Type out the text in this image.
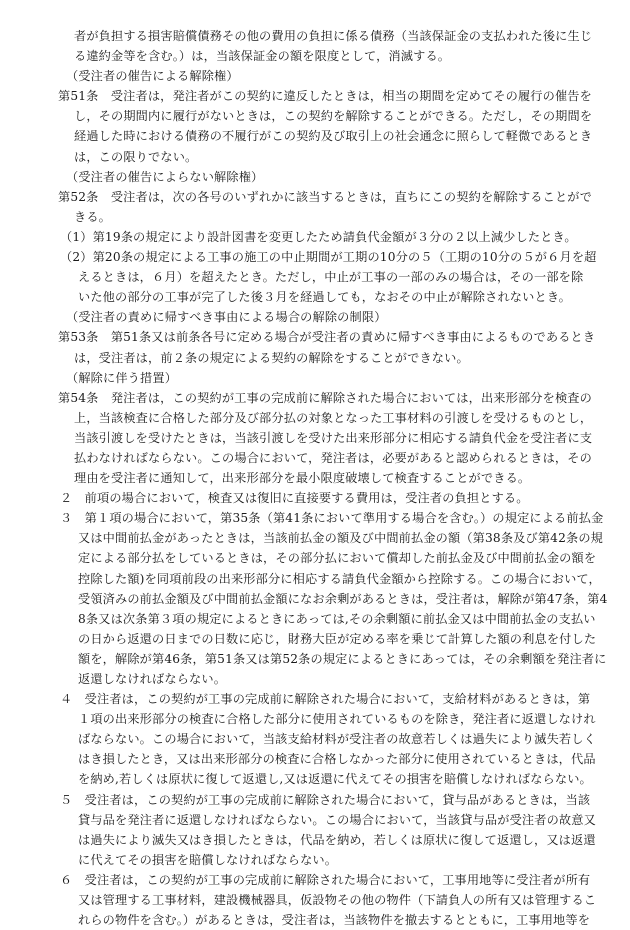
者が負担する損害賠償債務その他の費用の負担に係る債務（当該保証金の支払われた後に生じ
る違約金等を含む。）は，当該保証金の額を限度として，消滅する。
（受注者の催告による解除権）
第51条　受注者は，発注者がこの契約に違反したときは，相当の期間を定めてその履行の催告を
し，その期間内に履行がないときは，この契約を解除することができる。ただし，その期間を
経過した時における債務の不履行がこの契約及び取引上の社会通念に照らして軽微であるとき
は，この限りでない。
（受注者の催告によらない解除権）
第52条　受注者は，次の各号のいずれかに該当するときは，直ちにこの契約を解除することがで
きる。
（1）第19条の規定により設計図書を変更したため請負代金額が３分の２以上減少したとき。
（2）第20条の規定による工事の施工の中止期間が工期の10分の５（工期の10分の５が６月を超
えるときは，６月）を超えたとき。ただし，中止が工事の一部のみの場合は，その一部を除
いた他の部分の工事が完了した後３月を経過しても，なおその中止が解除されないとき。
（受注者の責めに帰すべき事由による場合の解除の制限）
第53条　第51条又は前条各号に定める場合が受注者の責めに帰すべき事由によるものであるとき
は，受注者は，前２条の規定による契約の解除をすることができない。
（解除に伴う措置）
第54条　発注者は，この契約が工事の完成前に解除された場合においては，出来形部分を検査の
上，当該検査に合格した部分及び部分払の対象となった工事材料の引渡しを受けるものとし，
当該引渡しを受けたときは，当該引渡しを受けた出来形部分に相応する請負代金を受注者に支
払わなければならない。この場合において，発注者は，必要があると認められるときは，その
理由を受注者に通知して，出来形部分を最小限度破壊して検査することができる。
２　前項の場合において，検査又は復旧に直接要する費用は，受注者の負担とする。
３　第１項の場合において，第35条（第41条において準用する場合を含む。）の規定による前払金
又は中間前払金があったときは，当該前払金の額及び中間前払金の額（第38条及び第42条の規
定による部分払をしているときは，その部分払において償却した前払金及び中間前払金の額を
控除した額)を同項前段の出来形部分に相応する請負代金額から控除する。この場合において，
受領済みの前払金額及び中間前払金額になお余剰があるときは，受注者は，解除が第47条，第4
8条又は次条第３項の規定によるときにあっては,その余剰額に前払金又は中間前払金の支払い
の日から返還の日までの日数に応じ，財務大臣が定める率を乗じて計算した額の利息を付した
額を，解除が第46条，第51条又は第52条の規定によるときにあっては，その余剰額を発注者に
返還しなければならない。
４　受注者は，この契約が工事の完成前に解除された場合において，支給材料があるときは，第
１項の出来形部分の検査に合格した部分に使用されているものを除き，発注者に返還しなけれ
ばならない。この場合において，当該支給材料が受注者の故意若しくは過失により滅失若しく
はき損したとき，又は出来形部分の検査に合格しなかった部分に使用されているときは，代品
を納め,若しくは原状に復して返還し,又は返還に代えてその損害を賠償しなければならない。
５　受注者は，この契約が工事の完成前に解除された場合において，貸与品があるときは，当該
貸与品を発注者に返還しなければならない。この場合において，当該貸与品が受注者の故意又
は過失により滅失又はき損したときは，代品を納め，若しくは原状に復して返還し，又は返還
に代えてその損害を賠償しなければならない。
６　受注者は，この契約が工事の完成前に解除された場合において，工事用地等に受注者が所有
又は管理する工事材料，建設機械器具，仮設物その他の物件（下請負人の所有又は管理するこ
れらの物件を含む。）があるときは，受注者は，当該物件を撤去するとともに，工事用地等を
